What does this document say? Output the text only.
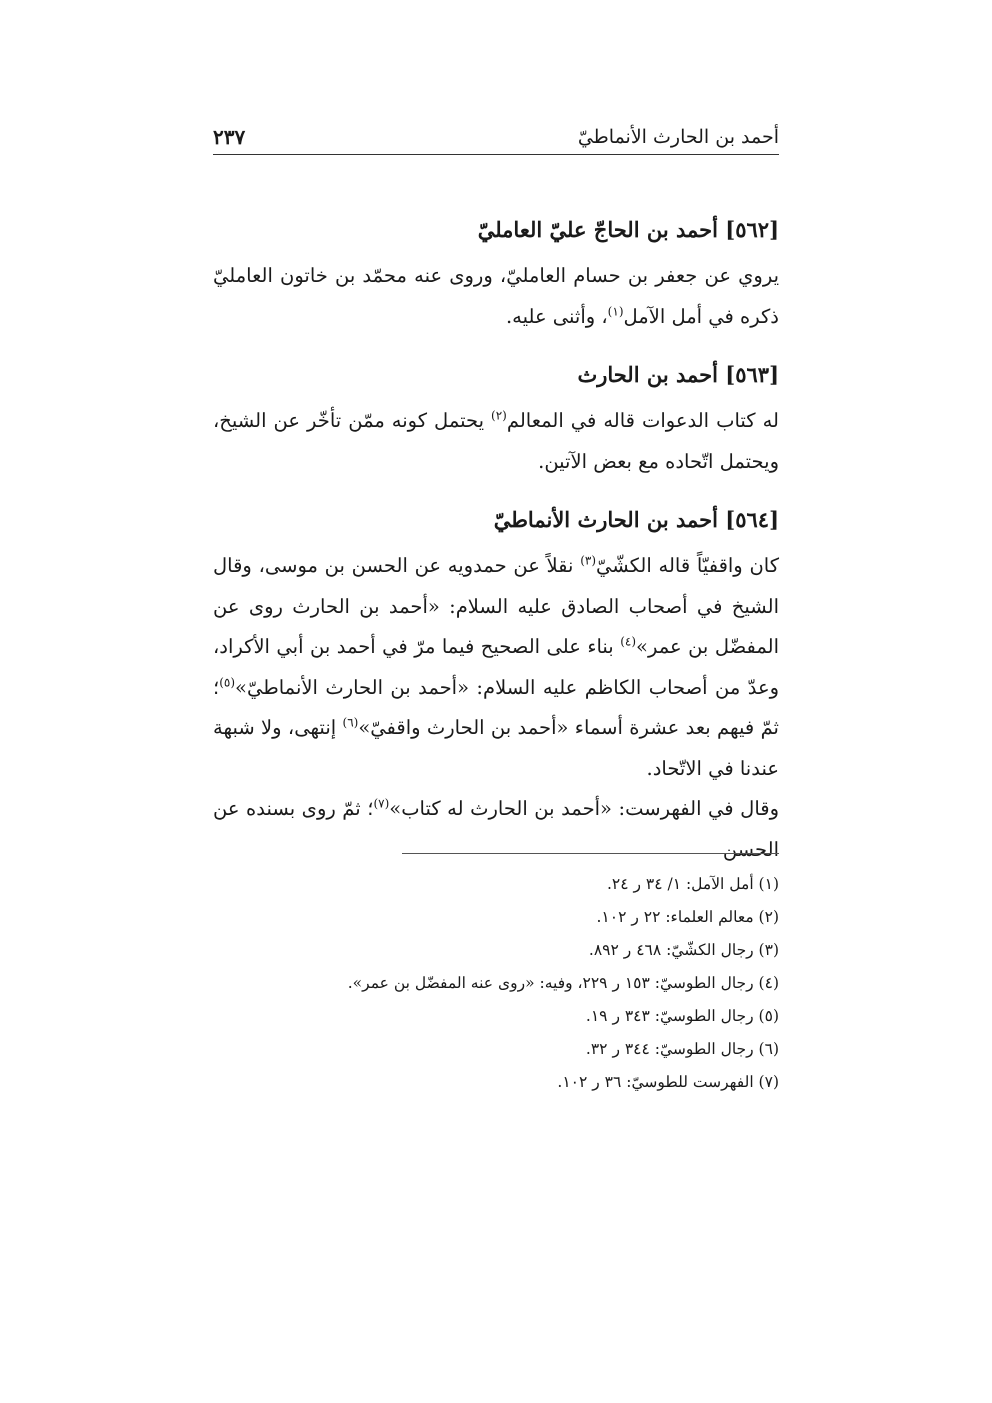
أحمد بن الحارث الأنماطيّ
٢٣٧
[٥٦٢] أحمد بن الحاجّ عليّ العامليّ

يروي عن جعفر بن حسام العامليّ، وروى عنه محمّد بن خاتون العامليّ ذكره في أمل الآمل$^{(١)}$، وأثنى عليه.

[٥٦٣] أحمد بن الحارث

له كتاب الدعوات قاله في المعالم$^{(٢)}$ يحتمل كونه ممّن تأخّر عن الشيخ، ويحتمل اتّحاده مع بعض الآتين.

[٥٦٤] أحمد بن الحارث الأنماطيّ

كان واقفيّاً قاله الكشّيّ$^{(٣)}$ نقلاً عن حمدويه عن الحسن بن موسى، وقال الشيخ في أصحاب الصادق عليه السلام: «أحمد بن الحارث روى عن المفضّل بن عمر»$^{(٤)}$ بناء على الصحيح فيما مرّ في أحمد بن أبي الأكراد، وعدّ من أصحاب الكاظم عليه السلام: «أحمد بن الحارث الأنماطيّ»$^{(٥)}$؛ ثمّ فيهم بعد عشرة أسماء «أحمد بن الحارث واقفيّ»$^{(٦)}$ إنتهى، ولا شبهة عندنا في الاتّحاد.

وقال في الفهرست: «أحمد بن الحارث له كتاب»$^{(٧)}$؛ ثمّ روى بسنده عن الحسن

(١) أمل الآمل: ١/ ٣٤ ر ٢٤.
(٢) معالم العلماء: ٢٢ ر ١٠٢.
(٣) رجال الكشّيّ: ٤٦٨ ر ٨٩٢.
(٤) رجال الطوسيّ: ١٥٣ ر ٢٢٩، وفيه: «روى عنه المفضّل بن عمر».
(٥) رجال الطوسيّ: ٣٤٣ ر ١٩.
(٦) رجال الطوسيّ: ٣٤٤ ر ٣٢.
(٧) الفهرست للطوسيّ: ٣٦ ر ١٠٢.
